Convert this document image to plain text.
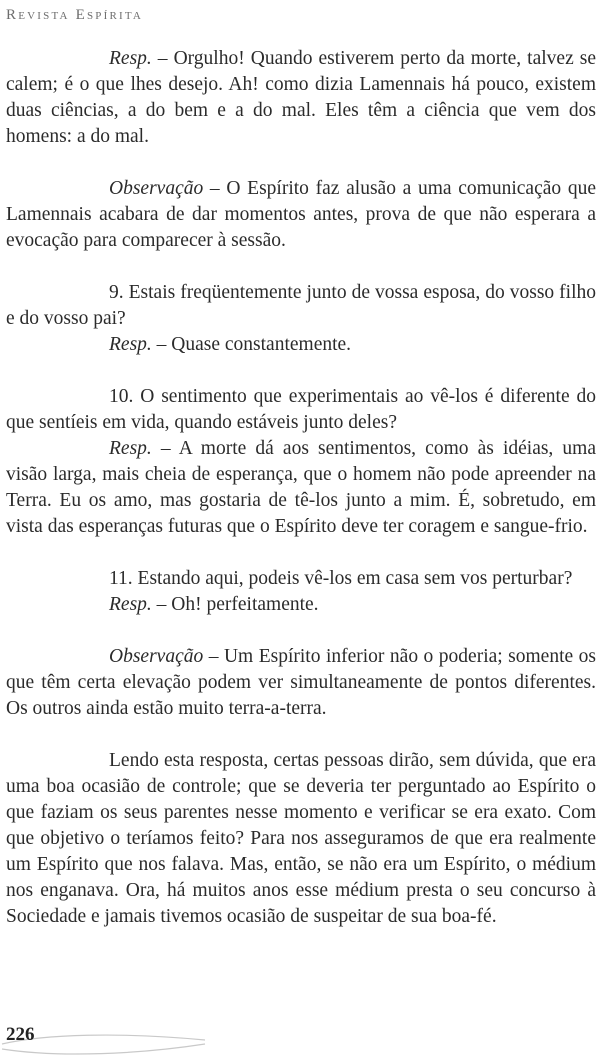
Revista Espírita

Resp. – Orgulho! Quando estiverem perto da morte, talvez se calem; é o que lhes desejo. Ah! como dizia Lamennais há pouco, existem duas ciências, a do bem e a do mal. Eles têm a ciência que vem dos homens: a do mal.

Observação – O Espírito faz alusão a uma comunicação que Lamennais acabara de dar momentos antes, prova de que não esperara a evocação para comparecer à sessão.

9. Estais freqüentemente junto de vossa esposa, do vosso filho e do vosso pai?

Resp. – Quase constantemente.

10. O sentimento que experimentais ao vê-los é diferente do que sentíeis em vida, quando estáveis junto deles?

Resp. – A morte dá aos sentimentos, como às idéias, uma visão larga, mais cheia de esperança, que o homem não pode apreender na Terra. Eu os amo, mas gostaria de tê-los junto a mim. É, sobretudo, em vista das esperanças futuras que o Espírito deve ter coragem e sangue-frio.

11. Estando aqui, podeis vê-los em casa sem vos perturbar?

Resp. – Oh! perfeitamente.

Observação – Um Espírito inferior não o poderia; somente os que têm certa elevação podem ver simultaneamente de pontos diferentes. Os outros ainda estão muito terra-a-terra.

Lendo esta resposta, certas pessoas dirão, sem dúvida, que era uma boa ocasião de controle; que se deveria ter perguntado ao Espírito o que faziam os seus parentes nesse momento e verificar se era exato. Com que objetivo o teríamos feito? Para nos asseguramos de que era realmente um Espírito que nos falava. Mas, então, se não era um Espírito, o médium nos enganava. Ora, há muitos anos esse médium presta o seu concurso à Sociedade e jamais tivemos ocasião de suspeitar de sua boa-fé.

226
